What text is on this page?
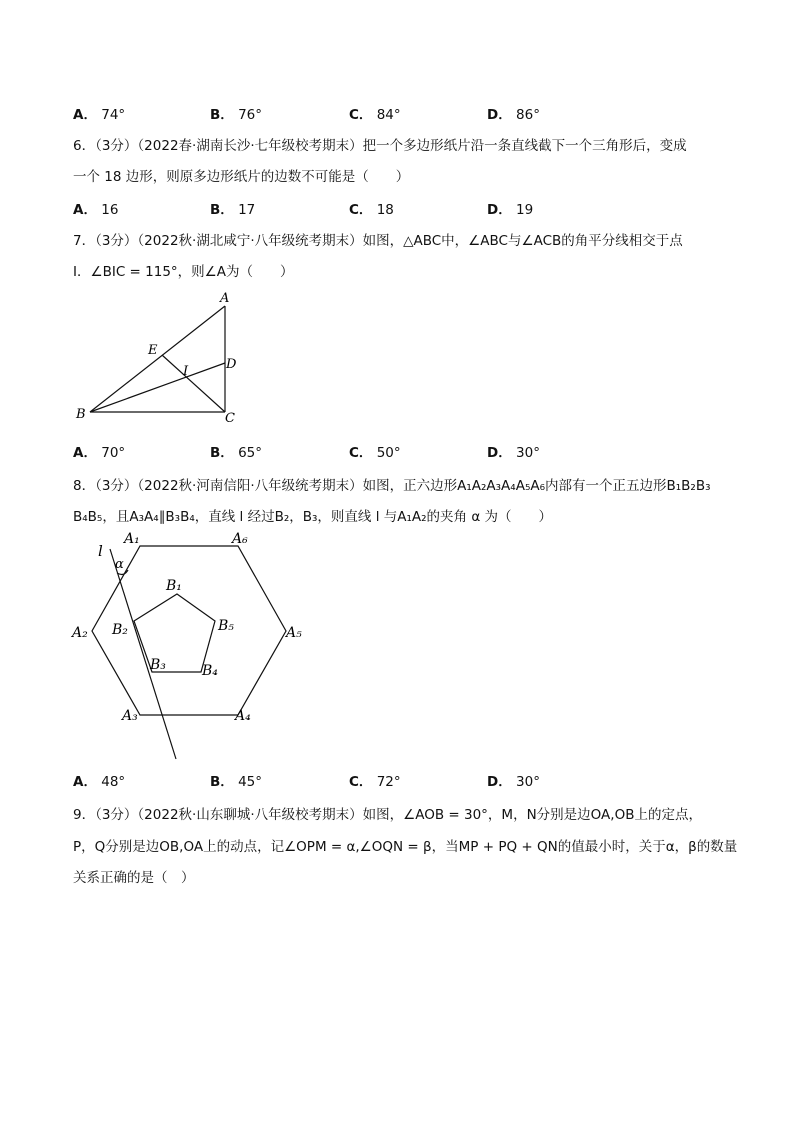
A． 74°	B． 76°	C． 84°	D． 86°
6．（3分）（2022春·湖南长沙·七年级校考期末）把一个多边形纸片沿一条直线截下一个三角形后，变成
一个 18 边形，则原多边形纸片的边数不可能是（　　）
A． 16	B． 17	C． 18	D． 19
7．（3分）（2022秋·湖北咸宁·八年级统考期末）如图，△ABC中，∠ABC与∠ACB的角平分线相交于点
I．∠BIC = 115°，则∠A为（　　）
A
B	C
D
E
I
A． 70°	B． 65°	C． 50°	D． 30°
8．（3分）（2022秋·河南信阳·八年级统考期末）如图，正六边形A₁A₂A₃A₄A₅A₆内部有一个正五边形B₁B₂B₃
B₄B₅，且A₃A₄∥B₃B₄，直线 l 经过B₂，B₃，则直线 l 与A₁A₂的夹角 α 为（　　）
l
α
A₁	A₆
A₂	A₅
A₃	A₄
B₁
B₂
B₃	B₄
B₅
A． 48°	B． 45°	C． 72°	D． 30°
9．（3分）（2022秋·山东聊城·八年级校考期末）如图，∠AOB = 30°，M，N分别是边OA,OB上的定点，
P，Q分别是边OB,OA上的动点，记∠OPM = α,∠OQN = β，当MP + PQ + QN的值最小时，关于α，β的数量
关系正确的是（　）
